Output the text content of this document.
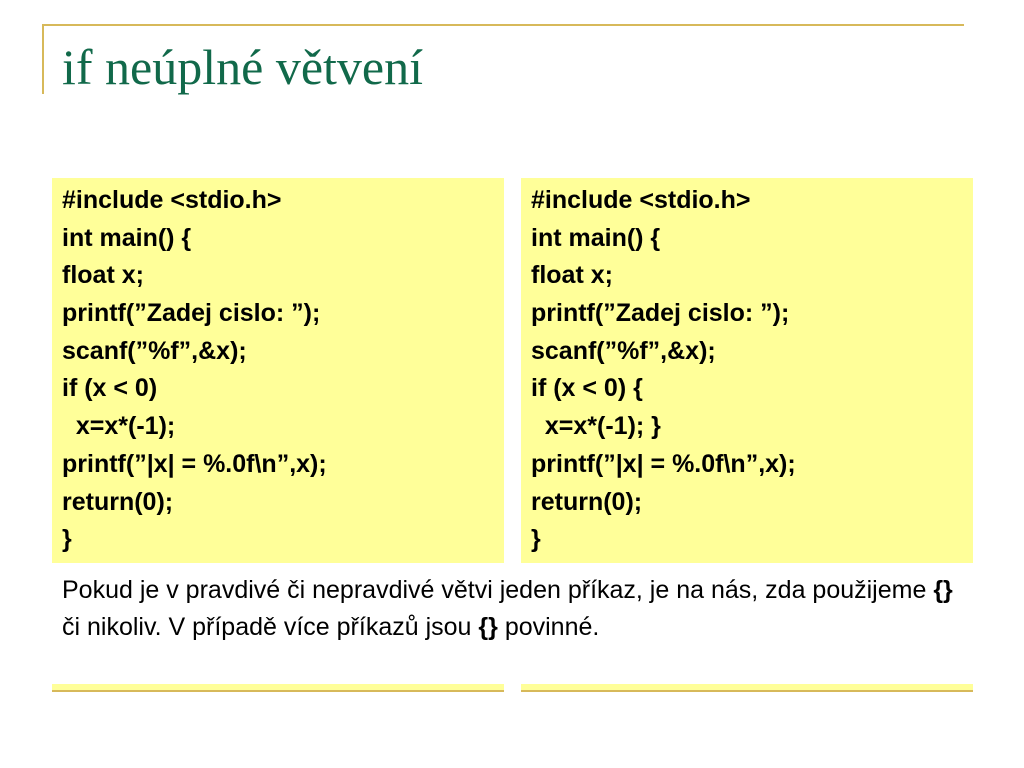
if neúplné větvení
#include <stdio.h>
int main() {
float x;
printf(”Zadej cislo: ”);
scanf(”%f”,&x);
if (x < 0)
x=x*(-1);
printf(”|x| = %.0f\n”,x);
return(0);
}
#include <stdio.h>
int main() {
float x;
printf(”Zadej cislo: ”);
scanf(”%f”,&x);
if (x < 0) {
x=x*(-1); }
printf(”|x| = %.0f\n”,x);
return(0);
}
Pokud je v pravdivé či nepravdivé větvi jeden příkaz, je na nás, zda použijeme {} či nikoliv. V případě více příkazů jsou {} povinné.
